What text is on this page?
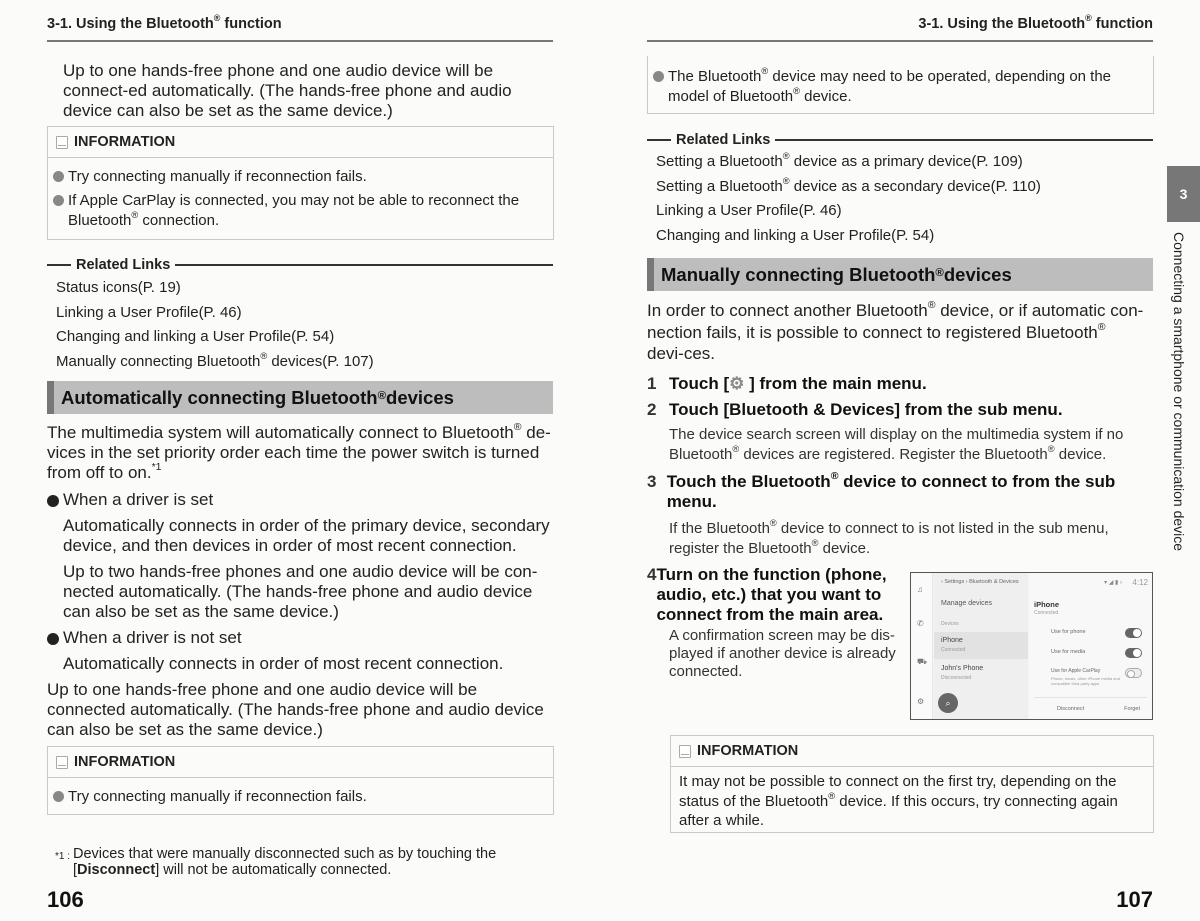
3-1. Using the Bluetooth® function
Up to one hands-free phone and one audio device will be connect-ed automatically. (The hands-free phone and audio device can also be set as the same device.)
INFORMATION
Try connecting manually if reconnection fails.
If Apple CarPlay is connected, you may not be able to reconnect the Bluetooth® connection.
Related Links
Status icons(P. 19)
Linking a User Profile(P. 46)
Changing and linking a User Profile(P. 54)
Manually connecting Bluetooth® devices(P. 107)
Automatically connecting Bluetooth® devices
The multimedia system will automatically connect to Bluetooth® de-vices in the set priority order each time the power switch is turned from off to on.$^{*1}$
When a driver is set
Automatically connects in order of the primary device, secondary device, and then devices in order of most recent connection.
Up to two hands-free phones and one audio device will be con-nected automatically. (The hands-free phone and audio device can also be set as the same device.)
When a driver is not set
Automatically connects in order of most recent connection.
Up to one hands-free phone and one audio device will be connected automatically. (The hands-free phone and audio device can also be set as the same device.)
INFORMATION
Try connecting manually if reconnection fails.
*1 : Devices that were manually disconnected such as by touching the [Disconnect] will not be automatically connected.
106
3-1. Using the Bluetooth® function
The Bluetooth® device may need to be operated, depending on the model of Bluetooth® device.
Related Links
Setting a Bluetooth® device as a primary device(P. 109)
Setting a Bluetooth® device as a secondary device(P. 110)
Linking a User Profile(P. 46)
Changing and linking a User Profile(P. 54)
Manually connecting Bluetooth® devices
In order to connect another Bluetooth® device, or if automatic con-nection fails, it is possible to connect to registered Bluetooth® devi-ces.
1 Touch [⚙ ] from the main menu.
2 Touch [Bluetooth & Devices] from the sub menu.
The device search screen will display on the multimedia system if no Bluetooth® devices are registered. Register the Bluetooth® device.
3 Touch the Bluetooth® device to connect to from the sub menu.
If the Bluetooth® device to connect to is not listed in the sub menu, register the Bluetooth® device.
4 Turn on the function (phone, audio, etc.) that you want to connect from the main area.
A confirmation screen may be dis-played if another device is already connected.
INFORMATION
It may not be possible to connect on the first try, depending on the status of the Bluetooth® device. If this occurs, try connecting again after a while.
107
♫
✆
⛟
⚙
‹ Settings › Bluetooth & Devices
Manage devices
Devices
iPhone
Connected
John's Phone
Disconnected
⌕
▾ ◢ ▮ › 4:12
iPhone
Connected
Use for phone
Use for media
Use for Apple CarPlay
Phone, music, other iPhone media and compatible third-party apps
Disconnect	Forget
3
Connecting a smartphone or communication device
